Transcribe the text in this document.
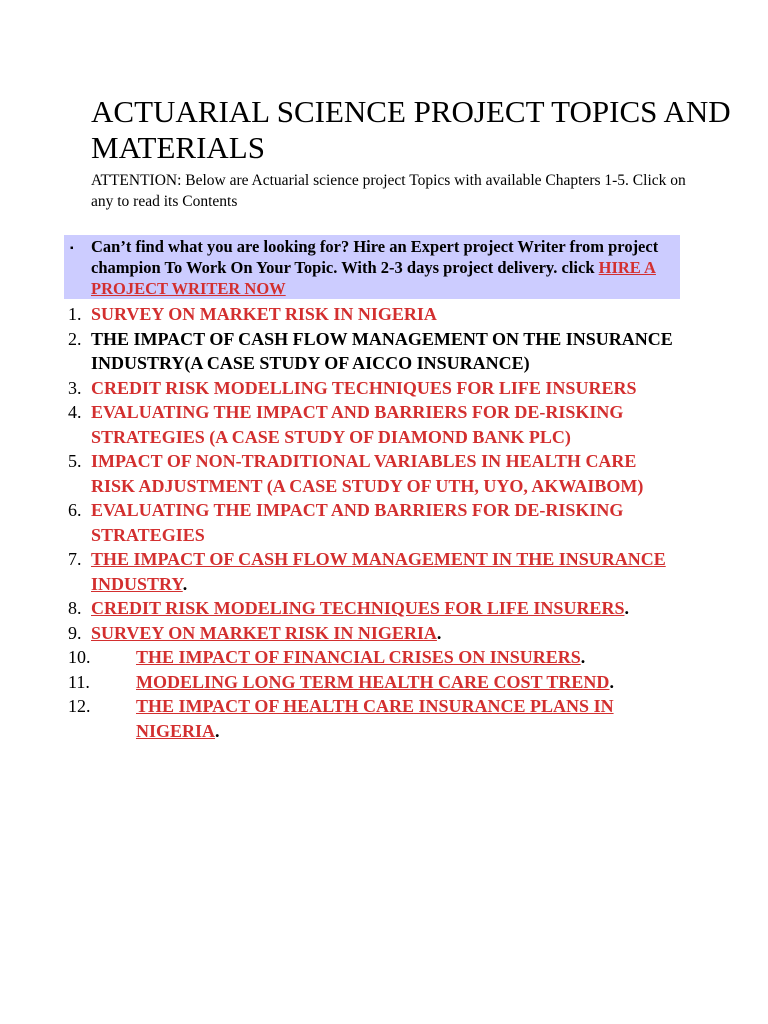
ACTUARIAL SCIENCE PROJECT TOPICS AND MATERIALS
ATTENTION: Below are Actuarial science project Topics with available Chapters 1-5. Click on any to read its Contents
▪ Can’t find what you are looking for? Hire an Expert project Writer from project champion To Work On Your Topic. With 2-3 days project delivery. click HIRE A PROJECT WRITER NOW
1. SURVEY ON MARKET RISK IN NIGERIA
2. THE IMPACT OF CASH FLOW MANAGEMENT ON THE INSURANCE INDUSTRY(A CASE STUDY OF AICCO INSURANCE)
3. CREDIT RISK MODELLING TECHNIQUES FOR LIFE INSURERS
4. EVALUATING THE IMPACT AND BARRIERS FOR DE-RISKING STRATEGIES (A CASE STUDY OF DIAMOND BANK PLC)
5. IMPACT OF NON-TRADITIONAL VARIABLES IN HEALTH CARE RISK ADJUSTMENT (A CASE STUDY OF UTH, UYO, AKWAIBOM)
6. EVALUATING THE IMPACT AND BARRIERS FOR DE-RISKING STRATEGIES
7. THE IMPACT OF CASH FLOW MANAGEMENT IN THE INSURANCE INDUSTRY.
8. CREDIT RISK MODELING TECHNIQUES FOR LIFE INSURERS.
9. SURVEY ON MARKET RISK IN NIGERIA.
10.	THE IMPACT OF FINANCIAL CRISES ON INSURERS.
11.	MODELING LONG TERM HEALTH CARE COST TREND.
12.	THE IMPACT OF HEALTH CARE INSURANCE PLANS IN NIGERIA.
